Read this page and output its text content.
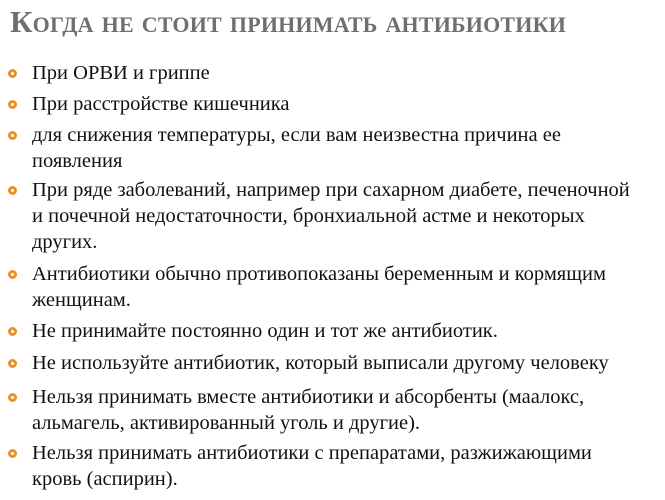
Когда не стоит принимать антибиотики
При ОРВИ и гриппе
При расстройстве кишечника
для снижения температуры, если вам неизвестна причина ее
появления
При ряде заболеваний, например при сахарном диабете, печеночной
и почечной недостаточности, бронхиальной астме и некоторых
других.
Антибиотики обычно противопоказаны беременным и кормящим
женщинам.
Не принимайте постоянно один и тот же антибиотик.
Не используйте антибиотик, который выписали другому человеку
Нельзя принимать вместе антибиотики и абсорбенты (маалокс,
альмагель, активированный уголь и другие).
Нельзя принимать антибиотики с препаратами, разжижающими
кровь (аспирин).
